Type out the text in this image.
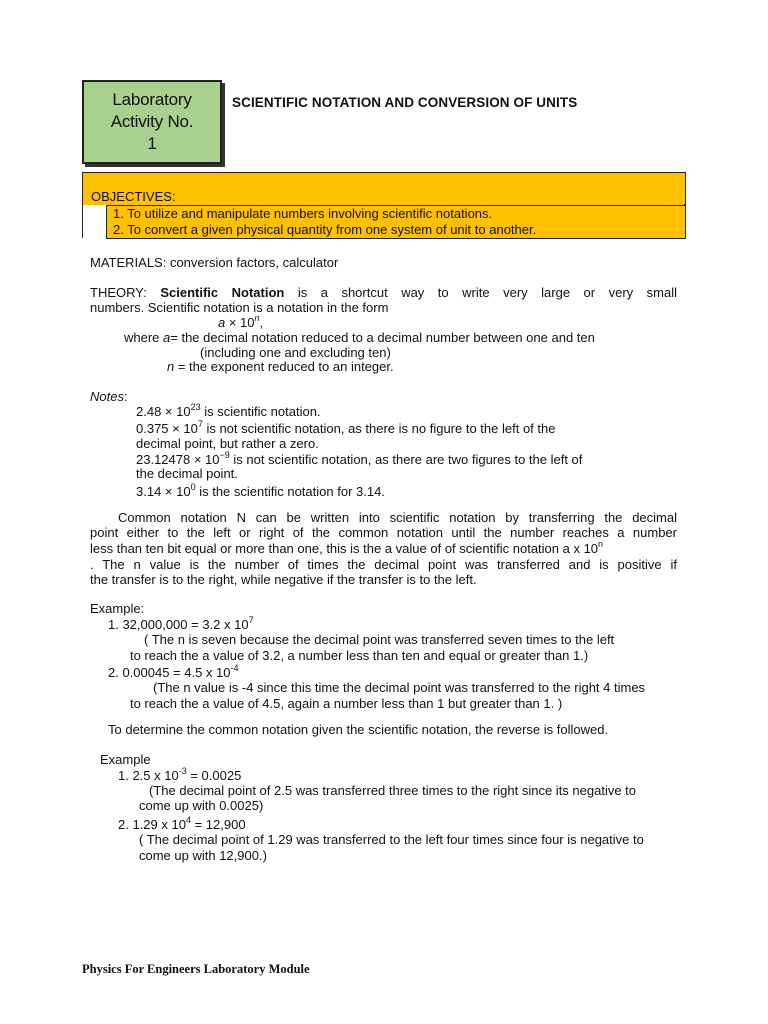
Laboratory
Activity No.
1
SCIENTIFIC NOTATION AND CONVERSION OF UNITS
OBJECTIVES:
1. To utilize and manipulate numbers involving scientific notations.
2. To convert a given physical quantity from one system of unit to another.
MATERIALS: conversion factors, calculator
THEORY: Scientific Notation is a shortcut way to write very large or very small
numbers. Scientific notation is a notation in the form
$a \times 10^n$,
where a= the decimal notation reduced to a decimal number between one and ten
(including one and excluding ten)
n = the exponent reduced to an integer.
Notes:
$2.48 \times 10^{23}$ is scientific notation.
$0.375 \times 10^7$ is not scientific notation, as there is no figure to the left of the
decimal point, but rather a zero.
$23.12478 \times 10^{-9}$ is not scientific notation, as there are two figures to the left of
the decimal point.
$3.14 \times 10^0$ is the scientific notation for 3.14.
Common notation N can be written into scientific notation by transferring the decimal
point either to the left or right of the common notation until the number reaches a number
less than ten bit equal or more than one, this is the a value of of scientific notation a x 10$^n$
. The n value is the number of times the decimal point was transferred and is positive if
the transfer is to the right, while negative if the transfer is to the left.
Example:
1. 32,000,000 = 3.2 x $10^7$
( The n is seven because the decimal point was transferred seven times to the left
to reach the a value of 3.2, a number less than ten and equal or greater than 1.)
2. 0.00045 = 4.5 x $10^{-4}$
(The n value is -4 since this time the decimal point was transferred to the right 4 times
to reach the a value of 4.5, again a number less than 1 but greater than 1. )
To determine the common notation given the scientific notation, the reverse is followed.
Example
1. 2.5 x $10^{-3} = 0.0025$
(The decimal point of 2.5 was transferred three times to the right since its negative to
come up with 0.0025)
2. 1.29 x $10^4 = 12,900$
( The decimal point of 1.29 was transferred to the left four times since four is negative to
come up with 12,900.)
Physics For Engineers Laboratory Module
